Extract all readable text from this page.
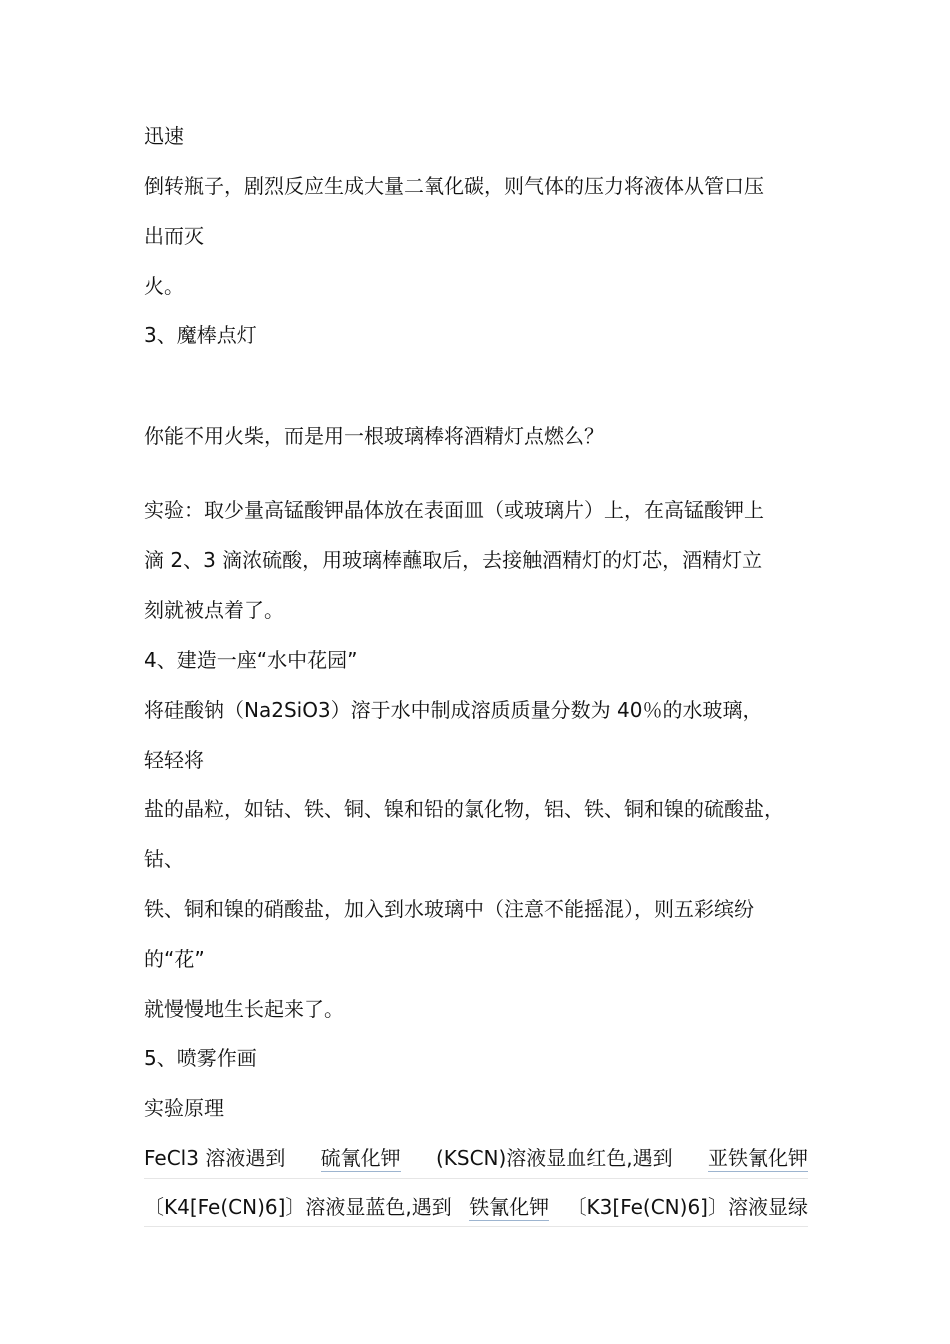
迅速
倒转瓶子，剧烈反应生成大量二氧化碳，则气体的压力将液体从管口压
出而灭
火。
3、魔棒点灯
你能不用火柴，而是用一根玻璃棒将酒精灯点燃么？
实验：取少量高锰酸钾晶体放在表面皿（或玻璃片）上，在高锰酸钾上
滴 2、3 滴浓硫酸，用玻璃棒蘸取后，去接触酒精灯的灯芯，酒精灯立
刻就被点着了。
4、建造一座“水中花园”
将硅酸钠（Na2SiO3）溶于水中制成溶质质量分数为 40％的水玻璃，
轻轻将
盐的晶粒，如钴、铁、铜、镍和铅的氯化物，铝、铁、铜和镍的硫酸盐，
钴、
铁、铜和镍的硝酸盐，加入到水玻璃中（注意不能摇混），则五彩缤纷
的“花”
就慢慢地生长起来了。
5、喷雾作画
实验原理
FeCl3 溶液遇到 硫氰化钾 (KSCN)溶液显血红色,遇到 亚铁氰化钾
〔K4[Fe(CN)6]〕溶液显蓝色,遇到 铁氰化钾 〔K3[Fe(CN)6]〕溶液显绿
